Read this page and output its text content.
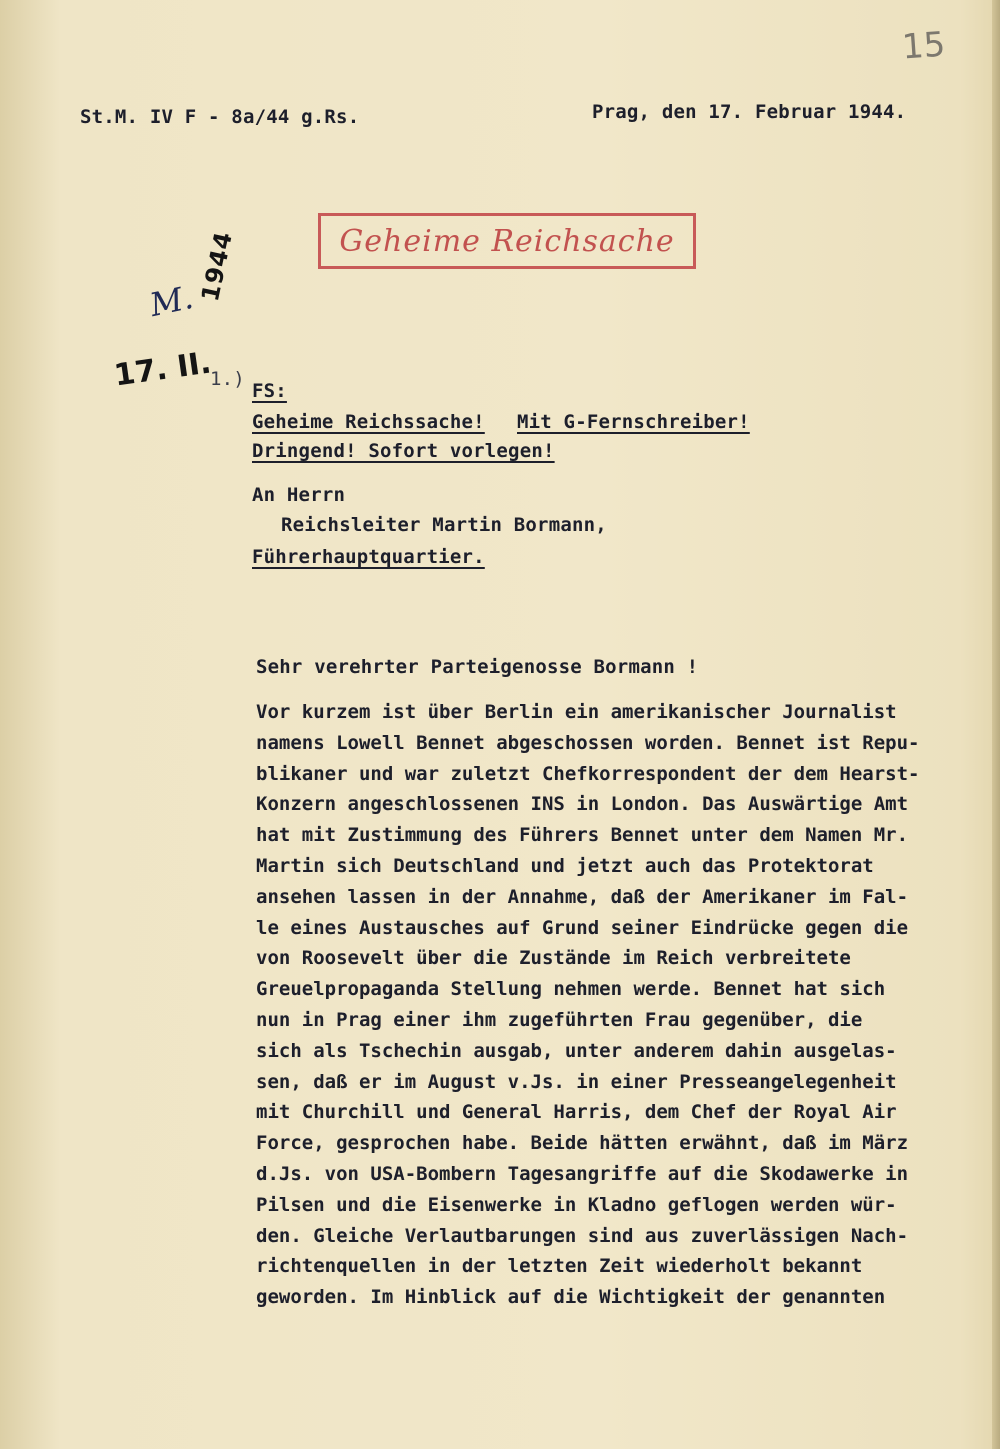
15
St.M. IV F - 8a/44 g.Rs.	Prag, den 17. Februar 1944.
Geheime Reichsache
M. 1944
17. II.
1.)
FS:
Geheime Reichssache! Mit G-Fernschreiber!
Dringend! Sofort vorlegen!
An Herrn
Reichsleiter Martin Bormann,
Führerhauptquartier.
Sehr verehrter Parteigenosse Bormann !
Vor kurzem ist über Berlin ein amerikanischer Journalist
namens Lowell Bennet abgeschossen worden. Bennet ist Repu-
blikaner und war zuletzt Chefkorrespondent der dem Hearst-
Konzern angeschlossenen INS in London. Das Auswärtige Amt
hat mit Zustimmung des Führers Bennet unter dem Namen Mr.
Martin sich Deutschland und jetzt auch das Protektorat
ansehen lassen in der Annahme, daß der Amerikaner im Fal-
le eines Austausches auf Grund seiner Eindrücke gegen die
von Roosevelt über die Zustände im Reich verbreitete
Greuelpropaganda Stellung nehmen werde. Bennet hat sich
nun in Prag einer ihm zugeführten Frau gegenüber, die
sich als Tschechin ausgab, unter anderem dahin ausgelas-
sen, daß er im August v.Js. in einer Presseangelegenheit
mit Churchill und General Harris, dem Chef der Royal Air
Force, gesprochen habe. Beide hätten erwähnt, daß im März
d.Js. von USA-Bombern Tagesangriffe auf die Skodawerke in
Pilsen und die Eisenwerke in Kladno geflogen werden wür-
den. Gleiche Verlautbarungen sind aus zuverlässigen Nach-
richtenquellen in der letzten Zeit wiederholt bekannt
geworden. Im Hinblick auf die Wichtigkeit der genannten
